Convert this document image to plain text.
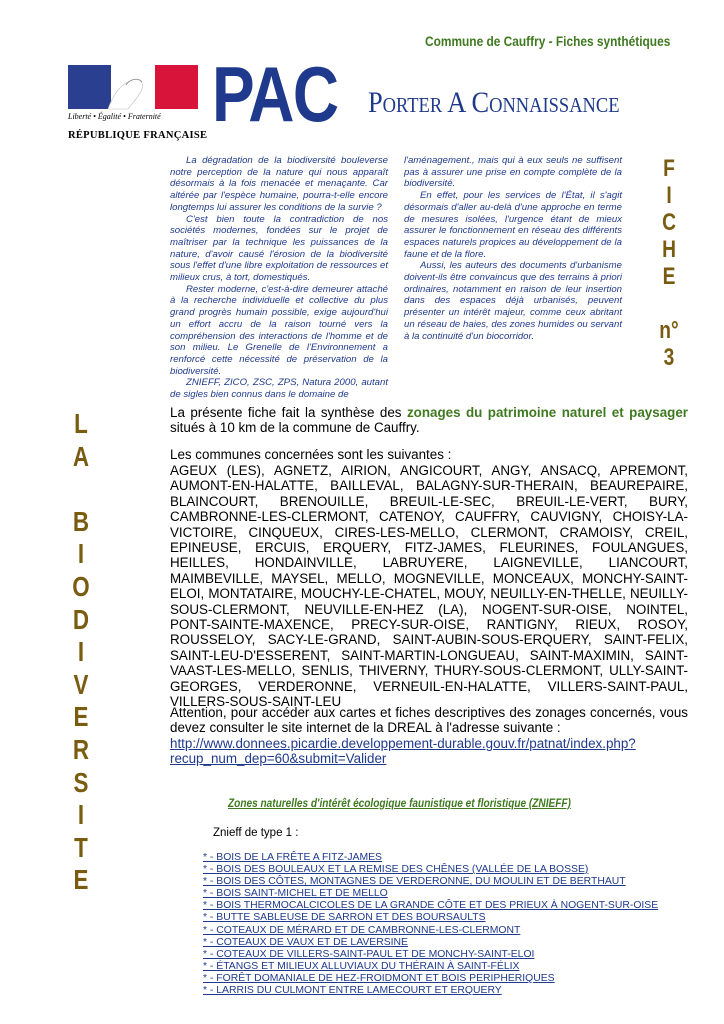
Commune de Cauffry - Fiches synthétiques
Liberté • Égalité • Fraternité
RÉPUBLIQUE FRANÇAISE PAC Porter A Connaissance

La dégradation de la biodiversité bouleverse notre perception de la nature qui nous apparaît désormais à la fois menacée et menaçante. Car altérée par l'espèce humaine, pourra-t-elle encore longtemps lui assurer les conditions de la survie ?

C'est bien toute la contradiction de nos sociétés modernes, fondées sur le projet de maîtriser par la technique les puissances de la nature, d'avoir causé l'érosion de la biodiversité sous l'effet d'une libre exploitation de ressources et milieux crus, à tort, domestiqués.

Rester moderne, c'est-à-dire demeurer attaché à la recherche individuelle et collective du plus grand progrès humain possible, exige aujourd'hui un effort accru de la raison tourné vers la compréhension des interactions de l'homme et de son milieu. Le Grenelle de l'Environnement a renforcé cette nécessité de préservation de la biodiversité.

ZNIEFF, ZICO, ZSC, ZPS, Natura 2000, autant de sigles bien connus dans le domaine de

l'aménagement., mais qui à eux seuls ne suffisent pas à assurer une prise en compte complète de la biodiversité.

En effet, pour les services de l'État, il s'agit désormais d'aller au-delà d'une approche en terme de mesures isolées, l'urgence étant de mieux assurer le fonctionnement en réseau des différents espaces naturels propices au développement de la faune et de la flore.

Aussi, les auteurs des documents d'urbanisme doivent-ils être convaincus que des terrains à priori ordinaires, notamment en raison de leur insertion dans des espaces déjà urbanisés, peuvent présenter un intérêt majeur, comme ceux abritant un réseau de haies, des zones humides ou servant à la continuité d'un biocorridor.

F
I
C
H
E
n°
3
L
A
B
I
O
D
I
V
E
R
S
I
T
E
La présente fiche fait la synthèse des zonages du patrimoine naturel et paysager situés à 10 km de la commune de Cauffry.
Les communes concernées sont les suivantes :
AGEUX (LES), AGNETZ, AIRION, ANGICOURT, ANGY, ANSACQ, APREMONT, AUMONT-EN-HALATTE, BAILLEVAL, BALAGNY-SUR-THERAIN, BEAUREPAIRE, BLAINCOURT, BRENOUILLE, BREUIL-LE-SEC, BREUIL-LE-VERT, BURY, CAMBRONNE-LES-CLERMONT, CATENOY, CAUFFRY, CAUVIGNY, CHOISY-LA-VICTOIRE, CINQUEUX, CIRES-LES-MELLO, CLERMONT, CRAMOISY, CREIL, EPINEUSE, ERCUIS, ERQUERY, FITZ-JAMES, FLEURINES, FOULANGUES, HEILLES, HONDAINVILLE, LABRUYERE, LAIGNEVILLE, LIANCOURT, MAIMBEVILLE, MAYSEL, MELLO, MOGNEVILLE, MONCEAUX, MONCHY-SAINT-ELOI, MONTATAIRE, MOUCHY-LE-CHATEL, MOUY, NEUILLY-EN-THELLE, NEUILLY-SOUS-CLERMONT, NEUVILLE-EN-HEZ (LA), NOGENT-SUR-OISE, NOINTEL, PONT-SAINTE-MAXENCE, PRECY-SUR-OISE, RANTIGNY, RIEUX, ROSOY, ROUSSELOY, SACY-LE-GRAND, SAINT-AUBIN-SOUS-ERQUERY, SAINT-FELIX, SAINT-LEU-D'ESSERENT, SAINT-MARTIN-LONGUEAU, SAINT-MAXIMIN, SAINT-VAAST-LES-MELLO, SENLIS, THIVERNY, THURY-SOUS-CLERMONT, ULLY-SAINT-GEORGES, VERDERONNE, VERNEUIL-EN-HALATTE, VILLERS-SAINT-PAUL, VILLERS-SOUS-SAINT-LEU
Attention, pour accéder aux cartes et fiches descriptives des zonages concernés, vous devez consulter le site internet de la DREAL à l'adresse suivante :
http://www.donnees.picardie.developpement-durable.gouv.fr/patnat/index.php?
recup_num_dep=60&submit=Valider
Zones naturelles d'intérêt écologique faunistique et floristique (ZNIEFF)
Znieff de type 1 :
* - BOIS DE LA FRÊTE A FITZ-JAMES
* - BOIS DES BOULEAUX ET LA REMISE DES CHÊNES (VALLÉE DE LA BOSSE)
* - BOIS DES CÔTES, MONTAGNES DE VERDERONNE, DU MOULIN ET DE BERTHAUT
* - BOIS SAINT-MICHEL ET DE MELLO
* - BOIS THERMOCALCICOLES DE LA GRANDE CÔTE ET DES PRIEUX À NOGENT-SUR-OISE
* - BUTTE SABLEUSE DE SARRON ET DES BOURSAULTS
* - COTEAUX DE MÉRARD ET DE CAMBRONNE-LES-CLERMONT
* - COTEAUX DE VAUX ET DE LAVERSINE
* - COTEAUX DE VILLERS-SAINT-PAUL ET DE MONCHY-SAINT-ELOI
* - ÉTANGS ET MILIEUX ALLUVIAUX DU THÉRAIN À SAINT-FÉLIX
* - FORÊT DOMANIALE DE HEZ-FROIDMONT ET BOIS PERIPHERIQUES
* - LARRIS DU CULMONT ENTRE LAMECOURT ET ERQUERY
